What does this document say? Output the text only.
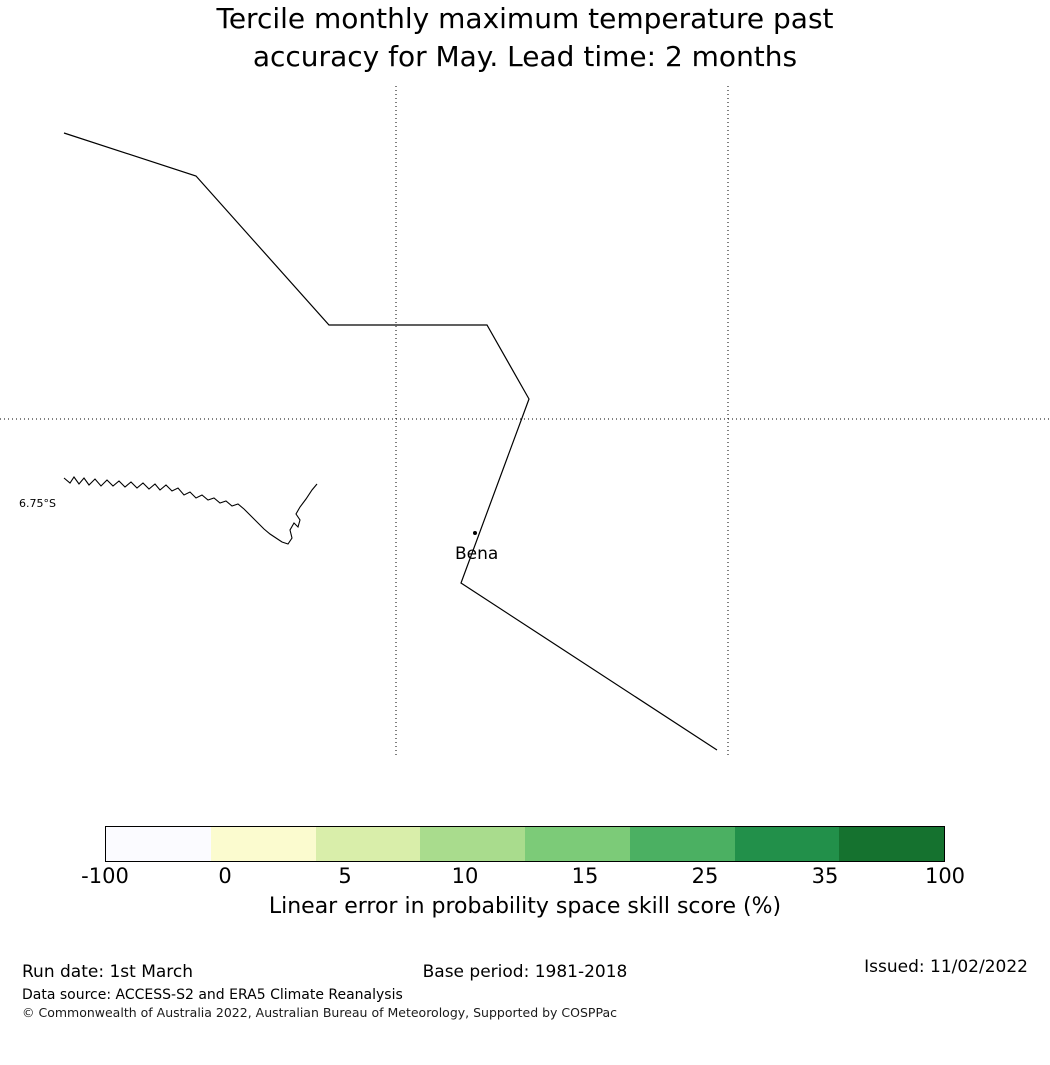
Tercile monthly maximum temperature past
accuracy for May. Lead time: 2 months
6.75°S
Bena
-100	0	5	10	15	25	35	100
Linear error in probability space skill score (%)
Run date: 1st March	Base period: 1981-2018	Issued: 11/02/2022
Data source: ACCESS-S2 and ERA5 Climate Reanalysis
© Commonwealth of Australia 2022, Australian Bureau of Meteorology, Supported by COSPPac
